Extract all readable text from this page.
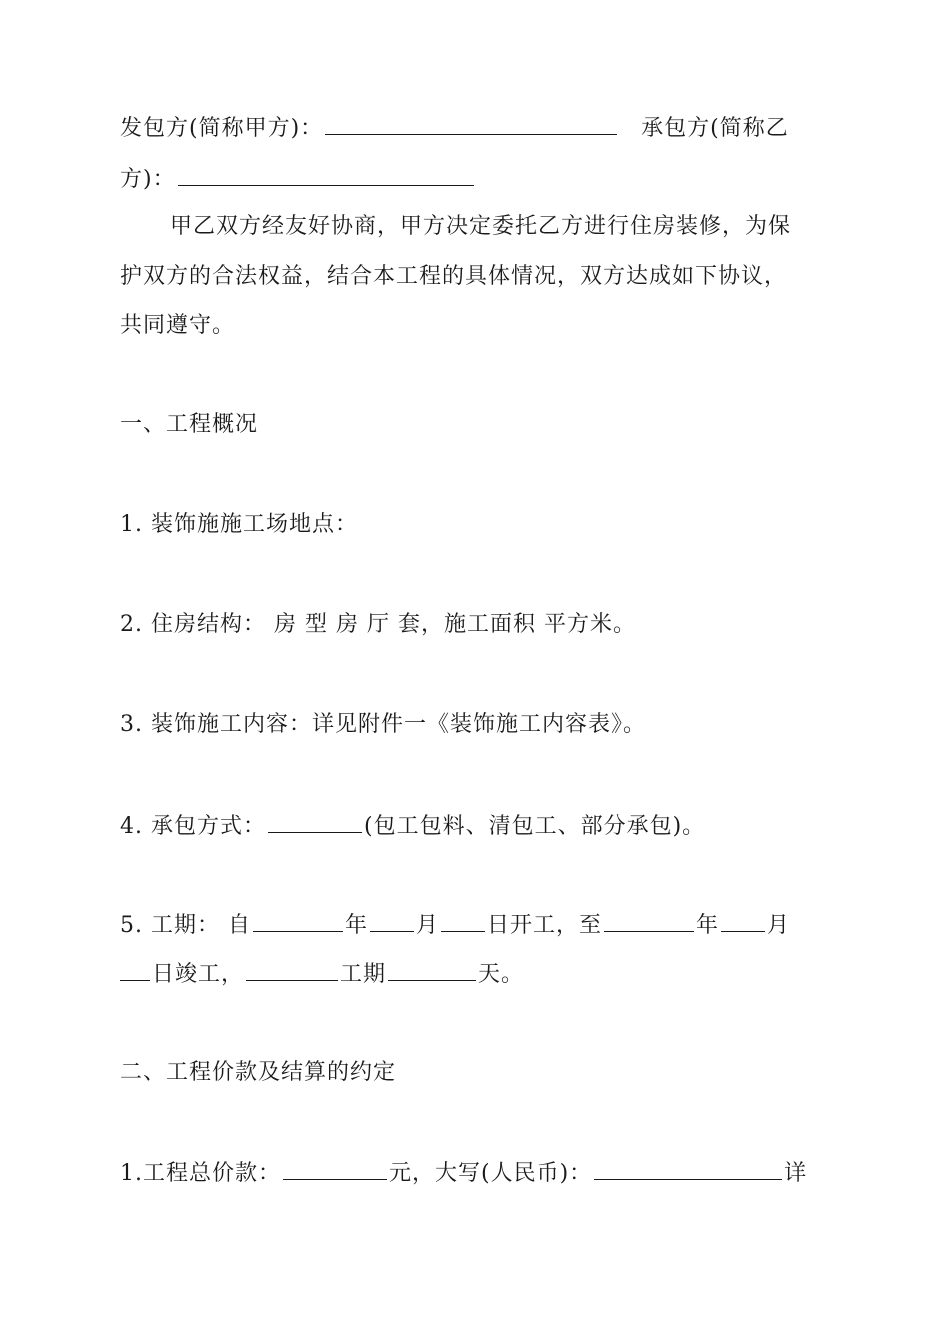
发包方(简称甲方)：	承包方(简称乙
方)：
甲乙双方经友好协商，甲方决定委托乙方进行住房装修，为保
护双方的合法权益，结合本工程的具体情况，双方达成如下协议，
共同遵守。
一、工程概况
1. 装饰施施工场地点：
2. 住房结构： 房 型 房 厅 套，施工面积 平方米。
3. 装饰施工内容：详见附件一《装饰施工内容表》。
4. 承包方式：	(包工包料、清包工、部分承包)。
5. 工期： 自	年 月 日开工，至	年 月
日竣工，	工期	天。
二、工程价款及结算的约定
1.工程总价款：	元，大写(人民币)：	详
